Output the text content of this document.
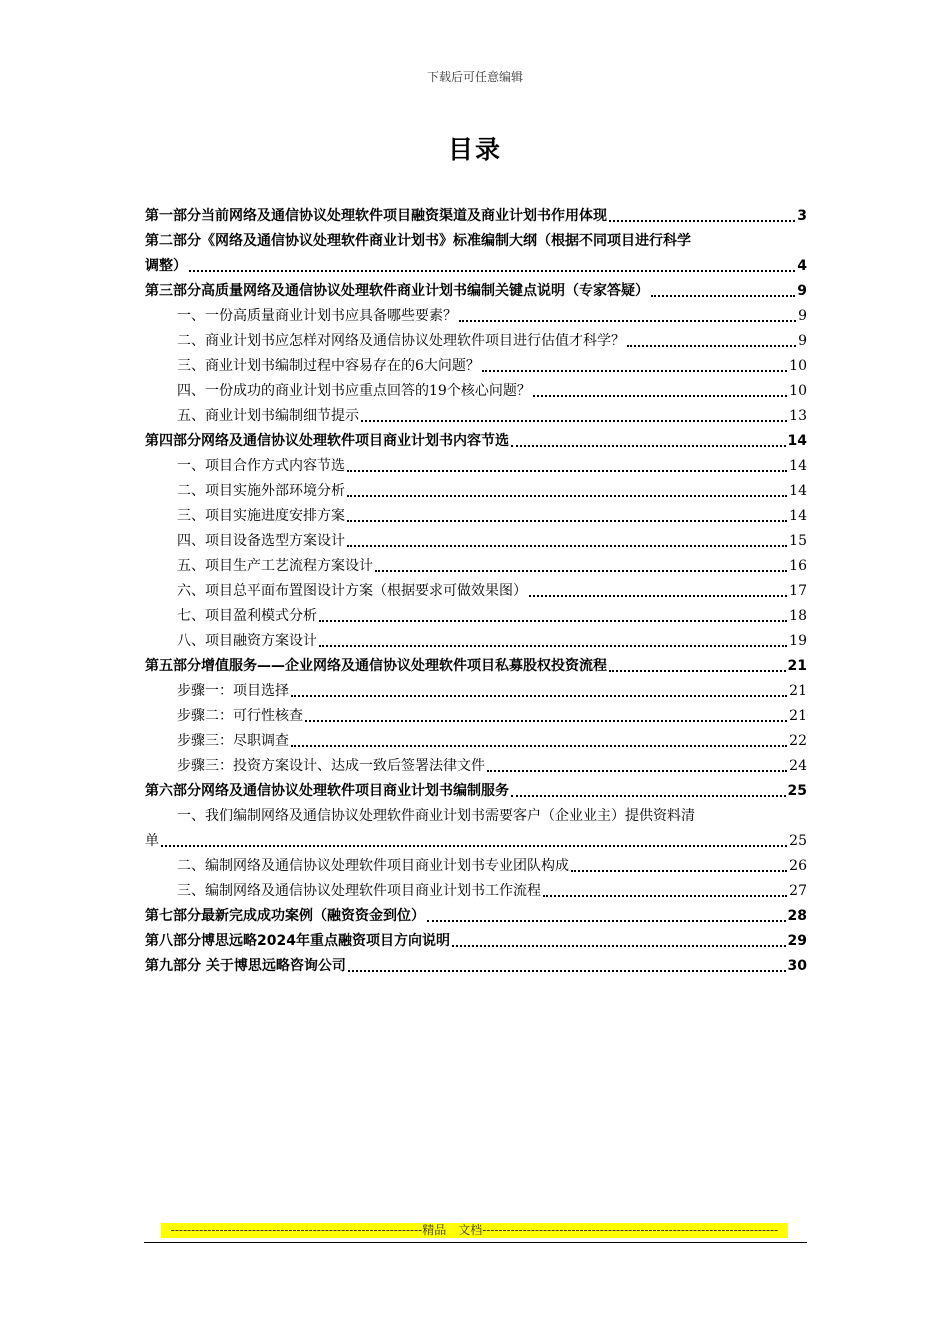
下载后可任意编辑
目录
第一部分当前网络及通信协议处理软件项目融资渠道及商业计划书作用体现	3
第二部分《网络及通信协议处理软件商业计划书》标准编制大纲（根据不同项目进行科学
调整）	4
第三部分高质量网络及通信协议处理软件商业计划书编制关键点说明（专家答疑）	9
一、一份高质量商业计划书应具备哪些要素？	9
二、商业计划书应怎样对网络及通信协议处理软件项目进行估值才科学？	9
三、商业计划书编制过程中容易存在的6大问题？	10
四、一份成功的商业计划书应重点回答的19个核心问题？	10
五、商业计划书编制细节提示	13
第四部分网络及通信协议处理软件项目商业计划书内容节选	14
一、项目合作方式内容节选	14
二、项目实施外部环境分析	14
三、项目实施进度安排方案	14
四、项目设备选型方案设计	15
五、项目生产工艺流程方案设计	16
六、项目总平面布置图设计方案（根据要求可做效果图）	17
七、项目盈利模式分析	18
八、项目融资方案设计	19
第五部分增值服务——企业网络及通信协议处理软件项目私募股权投资流程	21
步骤一：项目选择	21
步骤二：可行性核查	21
步骤三：尽职调查	22
步骤三：投资方案设计、达成一致后签署法律文件	24
第六部分网络及通信协议处理软件项目商业计划书编制服务	25
一、我们编制网络及通信协议处理软件商业计划书需要客户（企业业主）提供资料清
单	25
二、编制网络及通信协议处理软件项目商业计划书专业团队构成	26
三、编制网络及通信协议处理软件项目商业计划书工作流程	27
第七部分最新完成成功案例（融资资金到位）	28
第八部分博思远略2024年重点融资项目方向说明	29
第九部分 关于博思远略咨询公司	30
--------------------------------------------------------------精品　文档-------------------------------------------------------------------------
